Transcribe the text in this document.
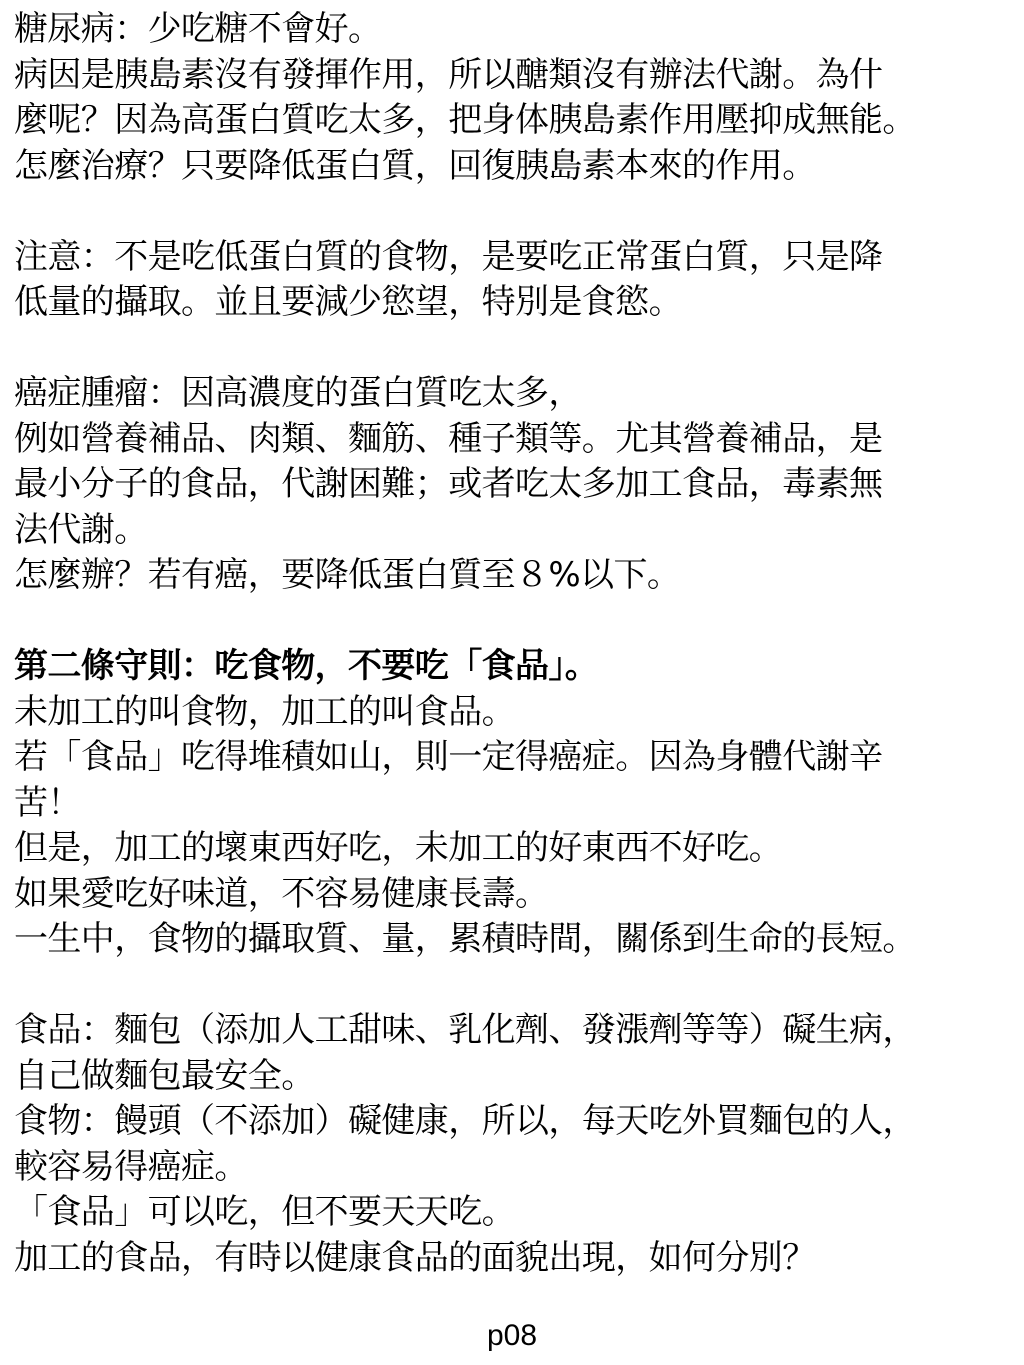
糖尿病：少吃糖不會好。
病因是胰島素沒有發揮作用，所以醣類沒有辦法代謝。為什
麼呢？因為高蛋白質吃太多，把身体胰島素作用壓抑成無能。
怎麼治療？只要降低蛋白質，回復胰島素本來的作用。
注意：不是吃低蛋白質的食物，是要吃正常蛋白質，只是降
低量的攝取。並且要減少慾望，特別是食慾。
癌症腫瘤：因高濃度的蛋白質吃太多，
例如營養補品、肉類、麵筋、種子類等。尤其營養補品，是
最小分子的食品，代謝困難；或者吃太多加工食品，毒素無
法代謝。
怎麼辦？若有癌，要降低蛋白質至８%以下。
第二條守則：吃食物，不要吃「食品」。
未加工的叫食物，加工的叫食品。
若「食品」吃得堆積如山，則一定得癌症。因為身體代謝辛
苦！
但是，加工的壞東西好吃，未加工的好東西不好吃。
如果愛吃好味道，不容易健康長壽。
一生中，食物的攝取質、量，累積時間，關係到生命的長短。
食品：麵包（添加人工甜味、乳化劑、發漲劑等等）礙生病，
自己做麵包最安全。
食物：饅頭（不添加）礙健康，所以，每天吃外買麵包的人，
較容易得癌症。
「食品」可以吃，但不要天天吃。
加工的食品，有時以健康食品的面貌出現，如何分別？
p08
